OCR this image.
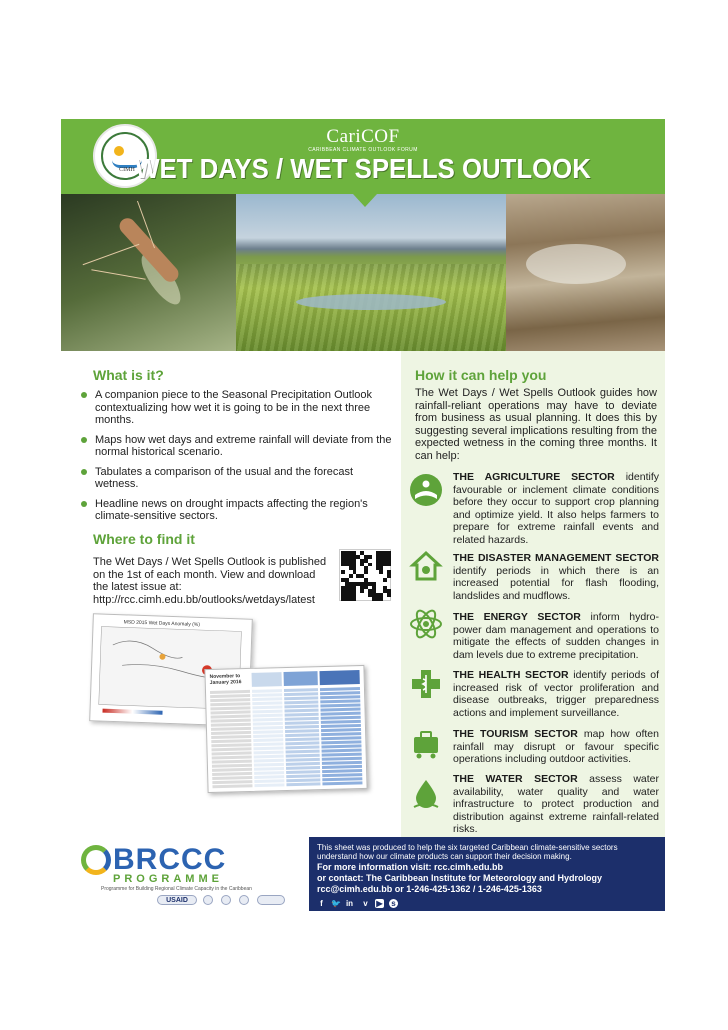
CIMH
CariCOF
CARIBBEAN CLIMATE OUTLOOK FORUM
WET DAYS / WET SPELLS OUTLOOK
What is it?
A companion piece to the Seasonal Precipitation Outlook contextualizing how wet it is going to be in the next three months.
Maps how wet days and extreme rainfall will deviate from the normal historical scenario.
Tabulates a comparison of the usual and the forecast wetness.
Headline news on drought impacts affecting the region's climate-sensitive sectors.
Where to find it
The Wet Days / Wet Spells Outlook is published on the 1st of each month. View and download the latest issue at:
http://rcc.cimh.edu.bb/outlooks/wetdays/latest
MSD 2015 Wet Days Anomaly (%)
November to January 2016
How it can help you
The Wet Days / Wet Spells Outlook guides how rainfall-reliant operations may have to deviate from business as usual planning. It does this by suggesting several implications resulting from the expected wetness in the coming three months. It can help:
THE AGRICULTURE SECTOR identify favourable or inclement climate conditions before they occur to support crop planning and optimize yield. It also helps farmers to prepare for extreme rainfall events and related hazards.
THE DISASTER MANAGEMENT SECTOR identify periods in which there is an increased potential for flash flooding, landslides and mudflows.
THE ENERGY SECTOR inform hydro-power dam management and operations to mitigate the effects of sudden changes in dam levels due to extreme precipitation.
THE HEALTH SECTOR identify periods of increased risk of vector proliferation and disease outbreaks, trigger preparedness actions and implement surveillance.
THE TOURISM SECTOR map how often rainfall may disrupt or favour specific operations including outdoor activities.
THE WATER SECTOR assess water availability, water quality and water infrastructure to protect production and distribution against extreme rainfall-related risks.
BRCCC
PROGRAMME
Programme for Building Regional Climate Capacity in the Caribbean
USAID
This sheet was produced to help the six targeted Caribbean climate-sensitive sectors understand how our climate products can support their decision making.
For more information visit: rcc.cimh.edu.bb
or contact: The Caribbean Institute for Meteorology and Hydrology
rcc@cimh.edu.bb or 1-246-425-1362 / 1-246-425-1363
f	🐦 in v ▶ s
